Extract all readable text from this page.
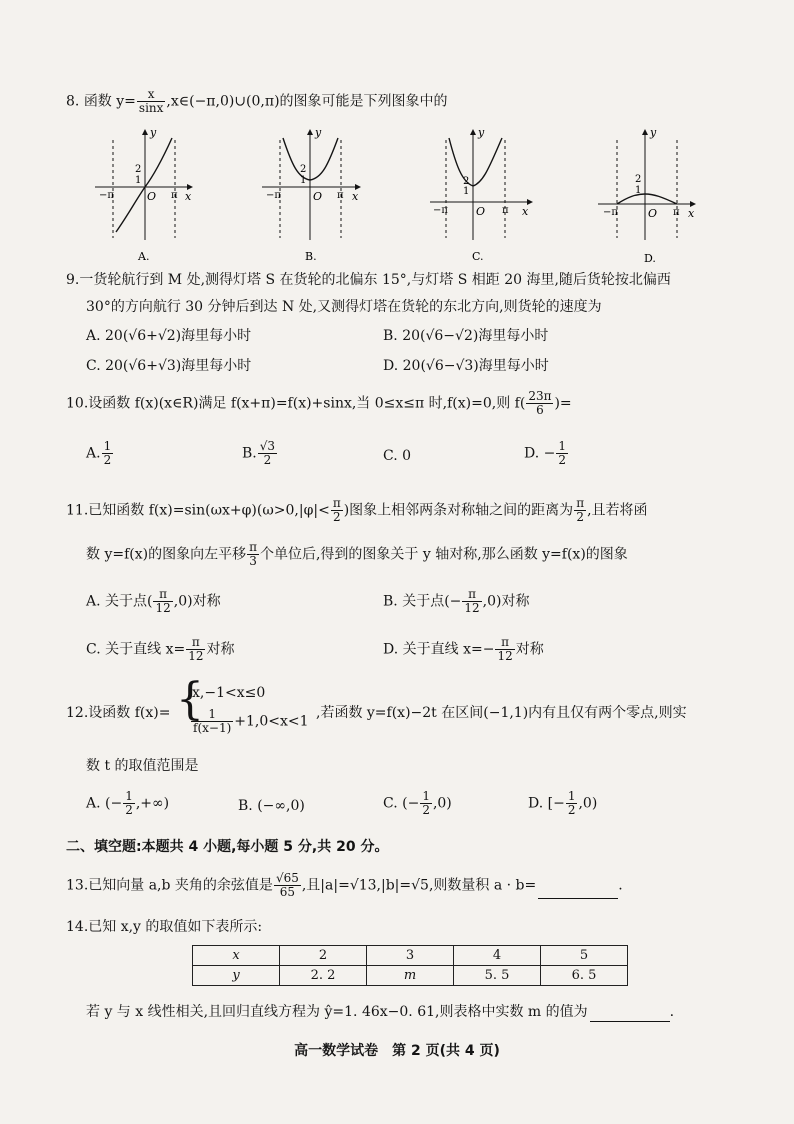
8. 函数 $y= \frac{x}{\sin x}$ ,x∈(−π,0)∪(0,π)的图象可能是下列图象中的
y
x
O
−π	π
2
1
A.
y
x
O
−π	π
2
1
B.
y
x
O
−π	π
2
1
C.
y
x
O
−π	π
2
1
D.
9.一货轮航行到 M 处,测得灯塔 S 在货轮的北偏东 15°,与灯塔 S 相距 20 海里,随后货轮按北偏西
30°的方向航行 30 分钟后到达 N 处,又测得灯塔在货轮的东北方向,则货轮的速度为
A. 20(√6+√2)海里每小时	B. 20(√6−√2)海里每小时
C. 20(√6+√3)海里每小时	D. 20(√6−√3)海里每小时
10.设函数 f(x)(x∈R)满足 f(x+π)=f(x)+sinx,当 0≤x≤π 时,f(x)=0,则 $f( \frac{23\pi}{6}$ )=
A. $\frac{1}{2}$	B. $\frac{√3}{2}$	C. 0	D. − $\frac{1}{2}$
11.已知函数 $f(x)=\sin(\omega x+\varphi)(\omega>0,|\varphi|< \frac{\pi}{2}$ )图象上相邻两条对称轴之间的距离为 $\frac{\pi}{2}$ ,且若将函
数 y=f(x)的图象向左平移 $\frac{\pi}{3}$ 个单位后,得到的图象关于 y 轴对称,那么函数 y=f(x)的图象
A. 关于点( $\frac{\pi}{12} ,0$)对称	B. 关于点(− $\frac{\pi}{12} ,0$)对称
C. 关于直线 $x= \frac{\pi}{12}$ 对称	D. 关于直线 $x=- \frac{\pi}{12}$ 对称
12.设函数 f(x)= {
x,−1<x≤0
$\frac{1}{f(x-1)} +1,0<x<1$
,若函数 y=f(x)−2t 在区间(−1,1)内有且仅有两个零点,则实
数 t 的取值范围是
A. (− $\frac{1}{2}$ ,+∞)	B. (−∞,0)	C. (− $\frac{1}{2} ,0$)	D. [− $\frac{1}{2} ,0$)
二、填空题:本题共 4 小题,每小题 5 分,共 20 分。
13.已知向量 a,b 夹角的余弦值是 $\frac{√65}{65}$ ,且|a|=√13,|b|=√5,则数量积 a · b=	.
14.已知 x,y 的取值如下表所示:
x	2	3	4	5
y	2. 2	m	5. 5	6. 5
若 y 与 x 线性相关,且回归直线方程为 ŷ=1. 46x−0. 61,则表格中实数 m 的值为	.
高一数学试卷　第 2 页(共 4 页)
